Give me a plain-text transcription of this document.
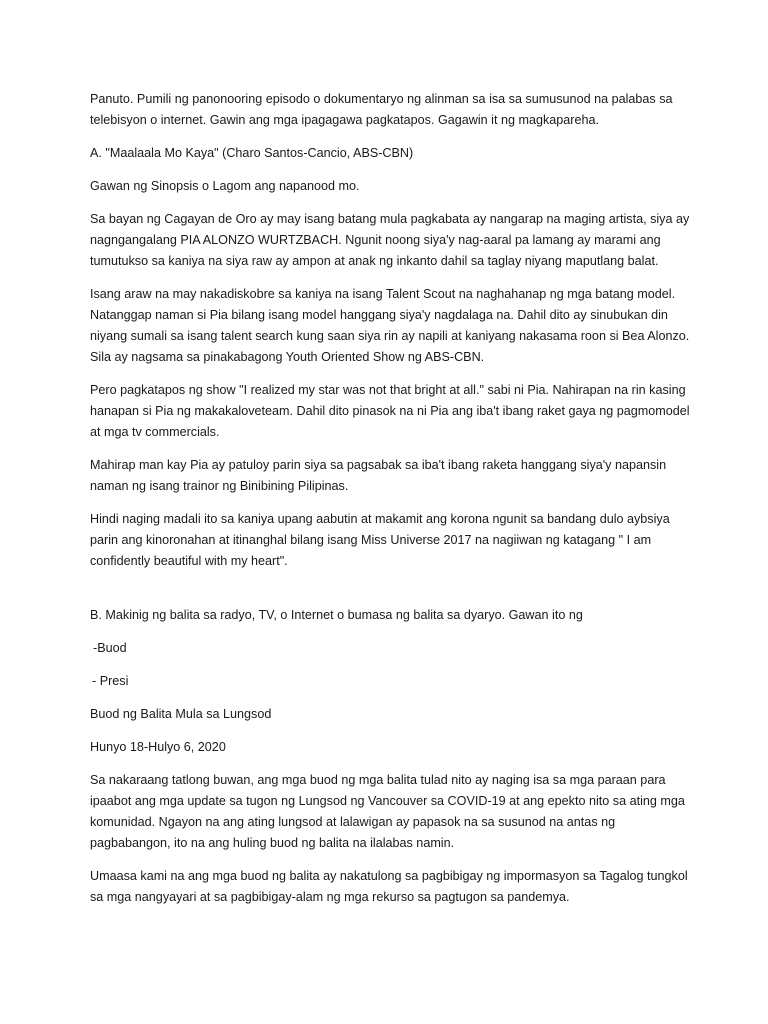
Panuto. Pumili ng panonooring episodo o dokumentaryo ng alinman sa isa sa sumusunod na palabas sa telebisyon o internet. Gawin ang mga ipagagawa pagkatapos. Gagawin it ng magkapareha.

A. "Maalaala Mo Kaya" (Charo Santos-Cancio, ABS-CBN)

Gawan ng Sinopsis o Lagom ang napanood mo.

Sa bayan ng Cagayan de Oro ay may isang batang mula pagkabata ay nangarap na maging artista, siya ay nagngangalang PIA ALONZO WURTZBACH. Ngunit noong siya'y nag-aaral pa lamang ay marami ang tumutukso sa kaniya na siya raw ay ampon at anak ng inkanto dahil sa taglay niyang maputlang balat.

Isang araw na may nakadiskobre sa kaniya na isang Talent Scout na naghahanap ng mga batang model. Natanggap naman si Pia bilang isang model hanggang siya'y nagdalaga na. Dahil dito ay sinubukan din niyang sumali sa isang talent search kung saan siya rin ay napili at kaniyang nakasama roon si Bea Alonzo. Sila ay nagsama sa pinakabagong Youth Oriented Show ng ABS-CBN.

Pero pagkatapos ng show "I realized my star was not that bright at all." sabi ni Pia. Nahirapan na rin kasing hanapan si Pia ng makakaloveteam. Dahil dito pinasok na ni Pia ang iba't ibang raket gaya ng pagmomodel at mga tv commercials.

Mahirap man kay Pia ay patuloy parin siya sa pagsabak sa iba't ibang raketa hanggang siya'y napansin naman ng isang trainor ng Binibining Pilipinas.

Hindi naging madali ito sa kaniya upang aabutin at makamit ang korona ngunit sa bandang dulo aybsiya parin ang kinoronahan at itinanghal bilang isang Miss Universe 2017 na nagiiwan ng katagang " I am confidently beautiful with my heart".

B. Makinig ng balita sa radyo, TV, o Internet o bumasa ng balita sa dyaryo. Gawan ito ng

-Buod

- Presi

Buod ng Balita Mula sa Lungsod

Hunyo 18-Hulyo 6, 2020

Sa nakaraang tatlong buwan, ang mga buod ng mga balita tulad nito ay naging isa sa mga paraan para ipaabot ang mga update sa tugon ng Lungsod ng Vancouver sa COVID-19 at ang epekto nito sa ating mga komunidad. Ngayon na ang ating lungsod at lalawigan ay papasok na sa susunod na antas ng pagbabangon, ito na ang huling buod ng balita na ilalabas namin.

Umaasa kami na ang mga buod ng balita ay nakatulong sa pagbibigay ng impormasyon sa Tagalog tungkol sa mga nangyayari at sa pagbibigay-alam ng mga rekurso sa pagtugon sa pandemya.
